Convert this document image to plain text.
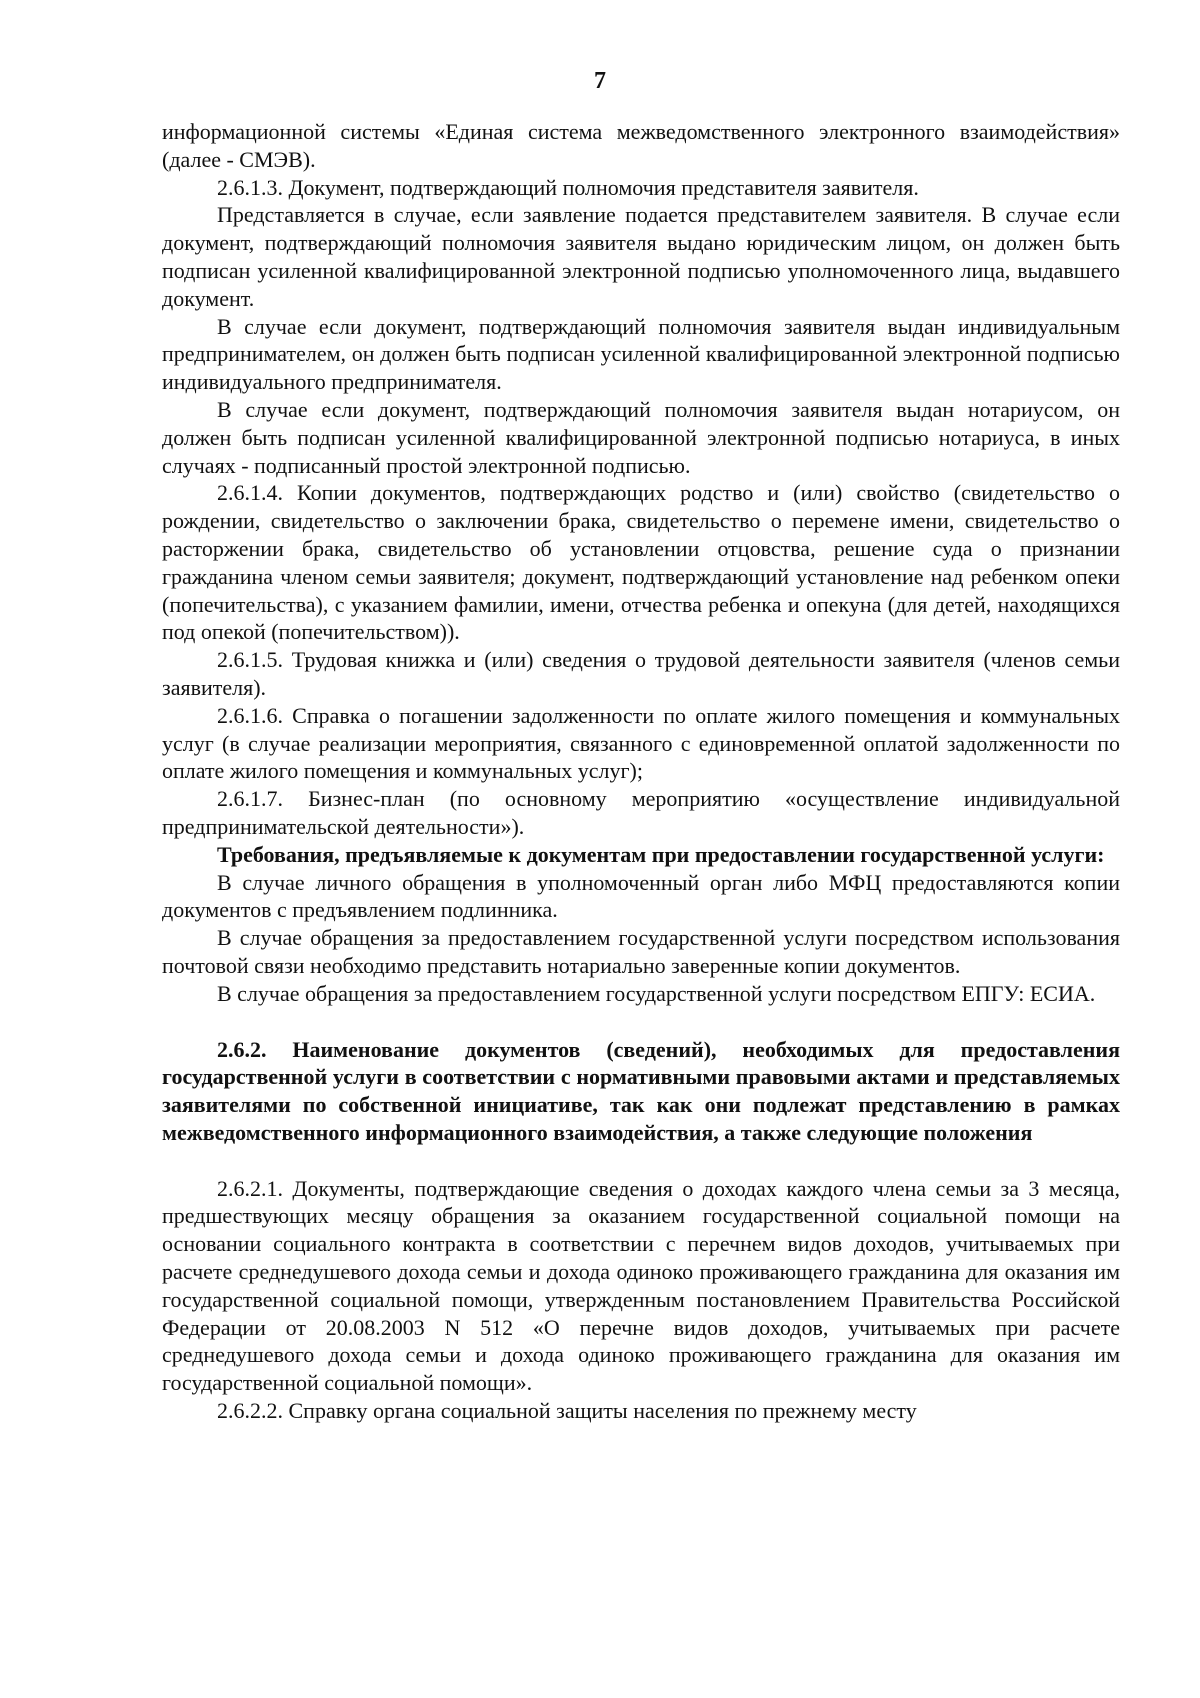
7

информационной системы «Единая система межведомственного электронного взаимодействия» (далее - СМЭВ).

2.6.1.3. Документ, подтверждающий полномочия представителя заявителя.

Представляется в случае, если заявление подается представителем заявителя. В случае если документ, подтверждающий полномочия заявителя выдано юридическим лицом, он должен быть подписан усиленной квалифицированной электронной подписью уполномоченного лица, выдавшего документ.

В случае если документ, подтверждающий полномочия заявителя выдан индивидуальным предпринимателем, он должен быть подписан усиленной квалифицированной электронной подписью индивидуального предпринимателя.

В случае если документ, подтверждающий полномочия заявителя выдан нотариусом, он должен быть подписан усиленной квалифицированной электронной подписью нотариуса, в иных случаях - подписанный простой электронной подписью.

2.6.1.4. Копии документов, подтверждающих родство и (или) свойство (свидетельство о рождении, свидетельство о заключении брака, свидетельство о перемене имени, свидетельство о расторжении брака, свидетельство об установлении отцовства, решение суда о признании гражданина членом семьи заявителя; документ, подтверждающий установление над ребенком опеки (попечительства), с указанием фамилии, имени, отчества ребенка и опекуна (для детей, находящихся под опекой (попечительством)).

2.6.1.5. Трудовая книжка и (или) сведения о трудовой деятельности заявителя (членов семьи заявителя).

2.6.1.6. Справка о погашении задолженности по оплате жилого помещения и коммунальных услуг (в случае реализации мероприятия, связанного с единовременной оплатой задолженности по оплате жилого помещения и коммунальных услуг);

2.6.1.7. Бизнес-план (по основному мероприятию «осуществление индивидуальной предпринимательской деятельности»).

Требования, предъявляемые к документам при предоставлении государственной услуги:

В случае личного обращения в уполномоченный орган либо МФЦ предоставляются копии документов с предъявлением подлинника.

В случае обращения за предоставлением государственной услуги посредством использования почтовой связи необходимо представить нотариально заверенные копии документов.

В случае обращения за предоставлением государственной услуги посредством ЕПГУ: ЕСИА.

2.6.2. Наименование документов (сведений), необходимых для предоставления государственной услуги в соответствии с нормативными правовыми актами и представляемых заявителями по собственной инициативе, так как они подлежат представлению в рамках межведомственного информационного взаимодействия, а также следующие положения

2.6.2.1. Документы, подтверждающие сведения о доходах каждого члена семьи за 3 месяца, предшествующих месяцу обращения за оказанием государственной социальной помощи на основании социального контракта в соответствии с перечнем видов доходов, учитываемых при расчете среднедушевого дохода семьи и дохода одиноко проживающего гражданина для оказания им государственной социальной помощи, утвержденным постановлением Правительства Российской Федерации от 20.08.2003 N 512 «О перечне видов доходов, учитываемых при расчете среднедушевого дохода семьи и дохода одиноко проживающего гражданина для оказания им государственной социальной помощи».

2.6.2.2. Справку органа социальной защиты населения по прежнему месту
